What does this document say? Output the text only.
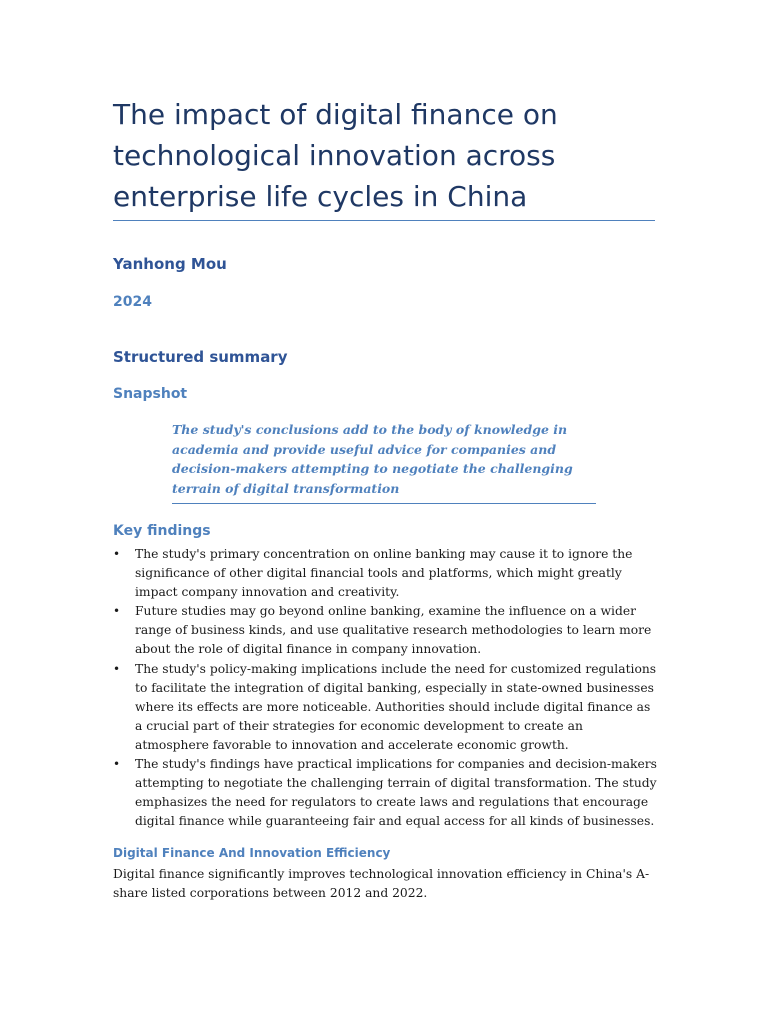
The impact of digital finance on technological innovation across enterprise life cycles in China
Yanhong Mou
2024
Structured summary
Snapshot
The study's conclusions add to the body of knowledge in academia and provide useful advice for companies and decision-makers attempting to negotiate the challenging terrain of digital transformation
Key findings
• The study's primary concentration on online banking may cause it to ignore the significance of other digital financial tools and platforms, which might greatly impact company innovation and creativity.
• Future studies may go beyond online banking, examine the influence on a wider range of business kinds, and use qualitative research methodologies to learn more about the role of digital finance in company innovation.
• The study's policy-making implications include the need for customized regulations to facilitate the integration of digital banking, especially in state-owned businesses where its effects are more noticeable. Authorities should include digital finance as a crucial part of their strategies for economic development to create an atmosphere favorable to innovation and accelerate economic growth.
• The study's findings have practical implications for companies and decision-makers attempting to negotiate the challenging terrain of digital transformation. The study emphasizes the need for regulators to create laws and regulations that encourage digital finance while guaranteeing fair and equal access for all kinds of businesses.
Digital Finance And Innovation Efficiency

Digital finance significantly improves technological innovation efficiency in China's A-share listed corporations between 2012 and 2022.
